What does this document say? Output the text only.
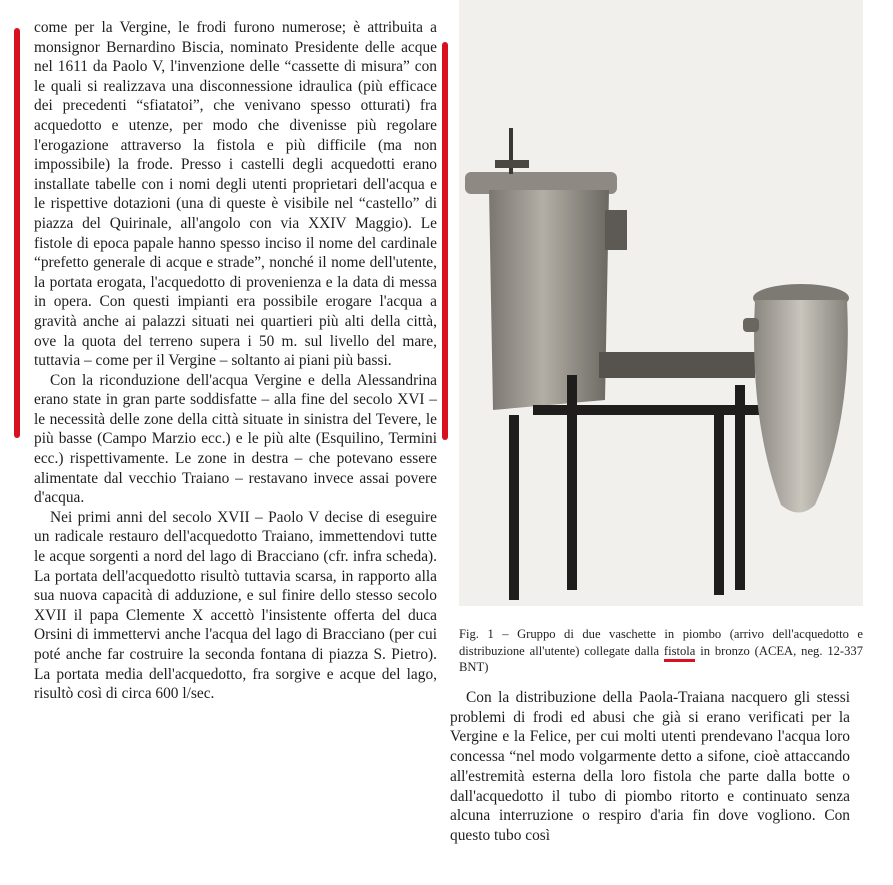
come per la Vergine, le frodi furono numerose; è attribuita a monsignor Bernardino Biscia, nominato Presidente delle acque nel 1611 da Paolo V, l'invenzione delle “cassette di misura” con le quali si realizzava una disconnessione idraulica (più efficace dei precedenti “sfiatatoi”, che venivano spesso otturati) fra acquedotto e utenze, per modo che divenisse più regolare l'erogazione attraverso la fistola e più difficile (ma non impossibile) la frode. Presso i castelli degli acquedotti erano installate tabelle con i nomi degli utenti proprietari dell'acqua e le rispettive dotazioni (una di queste è visibile nel “castello” di piazza del Quirinale, all'angolo con via XXIV Maggio). Le fistole di epoca papale hanno spesso inciso il nome del cardinale “prefetto generale di acque e strade”, nonché il nome dell'utente, la portata erogata, l'acquedotto di provenienza e la data di messa in opera. Con questi impianti era possibile erogare l'acqua a gravità anche ai palazzi situati nei quartieri più alti della città, ove la quota del terreno supera i 50 m. sul livello del mare, tuttavia – come per il Vergine – soltanto ai piani più bassi.

Con la riconduzione dell'acqua Vergine e della Alessandrina erano state in gran parte soddisfatte – alla fine del secolo XVI – le necessità delle zone della città situate in sinistra del Tevere, le più basse (Campo Marzio ecc.) e le più alte (Esquilino, Termini ecc.) rispettivamente. Le zone in destra – che potevano essere alimentate dal vecchio Traiano – restavano invece assai povere d'acqua.

Nei primi anni del secolo XVII – Paolo V decise di eseguire un radicale restauro dell'acquedotto Traiano, immettendovi tutte le acque sorgenti a nord del lago di Bracciano (cfr. infra scheda). La portata dell'acquedotto risultò tuttavia scarsa, in rapporto alla sua nuova capacità di adduzione, e sul finire dello stesso secolo XVII il papa Clemente X accettò l'insistente offerta del duca Orsini di immettervi anche l'acqua del lago di Bracciano (per cui poté anche far costruire la seconda fontana di piazza S. Pietro). La portata media dell'acquedotto, fra sorgive e acque del lago, risultò così di circa 600 l/sec.

Fig. 1 – Gruppo di due vaschette in piombo (arrivo dell'acquedotto e distribuzione all'utente) collegate dalla fistola in bronzo (ACEA, neg. 12-337 BNT)

Con la distribuzione della Paola-Traiana nacquero gli stessi problemi di frodi ed abusi che già si erano verificati per la Vergine e la Felice, per cui molti utenti prendevano l'acqua loro concessa “nel modo volgarmente detto a sifone, cioè attaccando all'estremità esterna della loro fistola che parte dalla botte o dall'acquedotto il tubo di piombo ritorto e continuato senza alcuna interruzione o respiro d'aria fin dove vogliono. Con questo tubo così
